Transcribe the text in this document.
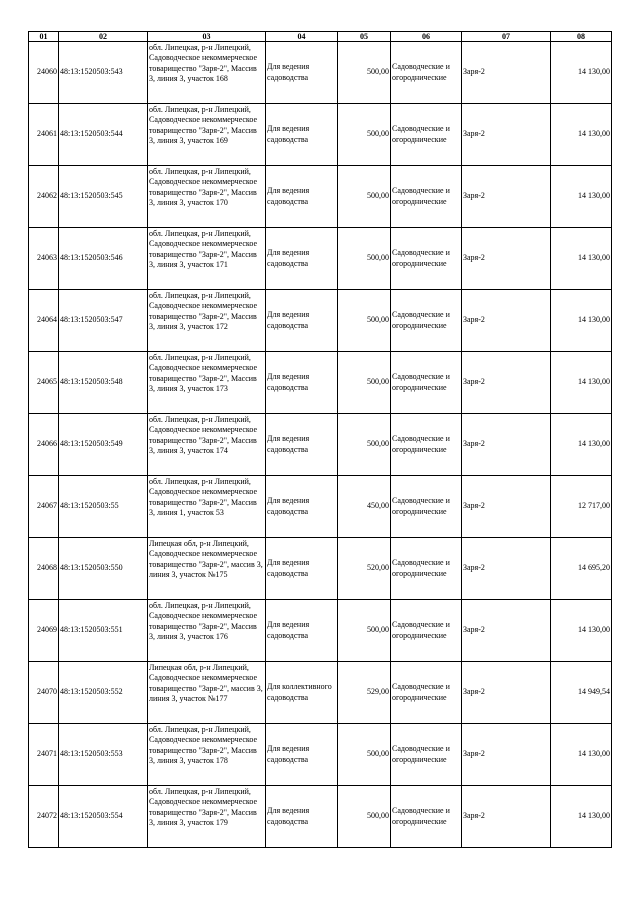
01	02	03	04	05	06	07	08
24060	48:13:1520503:543	обл. Липецкая, р-н Липецкий, Садоводческое некоммерческое товарищество "Заря-2", Массив 3, линия 3, участок 168	Для ведения садоводства	500,00	Садоводческие и огороднические	Заря-2	14 130,00
24061	48:13:1520503:544	обл. Липецкая, р-н Липецкий, Садоводческое некоммерческое товарищество "Заря-2", Массив 3, линия 3, участок 169	Для ведения садоводства	500,00	Садоводческие и огороднические	Заря-2	14 130,00
24062	48:13:1520503:545	обл. Липецкая, р-н Липецкий, Садоводческое некоммерческое товарищество "Заря-2", Массив 3, линия 3, участок 170	Для ведения садоводства	500,00	Садоводческие и огороднические	Заря-2	14 130,00
24063	48:13:1520503:546	обл. Липецкая, р-н Липецкий, Садоводческое некоммерческое товарищество "Заря-2", Массив 3, линия 3, участок 171	Для ведения садоводства	500,00	Садоводческие и огороднические	Заря-2	14 130,00
24064	48:13:1520503:547	обл. Липецкая, р-н Липецкий, Садоводческое некоммерческое товарищество "Заря-2", Массив 3, линия 3, участок 172	Для ведения садоводства	500,00	Садоводческие и огороднические	Заря-2	14 130,00
24065	48:13:1520503:548	обл. Липецкая, р-н Липецкий, Садоводческое некоммерческое товарищество "Заря-2", Массив 3, линия 3, участок 173	Для ведения садоводства	500,00	Садоводческие и огороднические	Заря-2	14 130,00
24066	48:13:1520503:549	обл. Липецкая, р-н Липецкий, Садоводческое некоммерческое товарищество "Заря-2", Массив 3, линия 3, участок 174	Для ведения садоводства	500,00	Садоводческие и огороднические	Заря-2	14 130,00
24067	48:13:1520503:55	обл. Липецкая, р-н Липецкий, Садоводческое некоммерческое товарищество "Заря-2", Массив 3, линия 1, участок 53	Для ведения садоводства	450,00	Садоводческие и огороднические	Заря-2	12 717,00
24068	48:13:1520503:550	Липецкая обл, р-н Липецкий, Садоводческое некоммерческое товарищество "Заря-2", массив 3, линия 3, участок №175	Для ведения садоводства	520,00	Садоводческие и огороднические	Заря-2	14 695,20
24069	48:13:1520503:551	обл. Липецкая, р-н Липецкий, Садоводческое некоммерческое товарищество "Заря-2", Массив 3, линия 3, участок 176	Для ведения садоводства	500,00	Садоводческие и огороднические	Заря-2	14 130,00
24070	48:13:1520503:552	Липецкая обл, р-н Липецкий, Садоводческое некоммерческое товарищество "Заря-2", массив 3, линия 3, участок №177	Для коллективного садоводства	529,00	Садоводческие и огороднические	Заря-2	14 949,54
24071	48:13:1520503:553	обл. Липецкая, р-н Липецкий, Садоводческое некоммерческое товарищество "Заря-2", Массив 3, линия 3, участок 178	Для ведения садоводства	500,00	Садоводческие и огороднические	Заря-2	14 130,00
24072	48:13:1520503:554	обл. Липецкая, р-н Липецкий, Садоводческое некоммерческое товарищество "Заря-2", Массив 3, линия 3, участок 179	Для ведения садоводства	500,00	Садоводческие и огороднические	Заря-2	14 130,00
